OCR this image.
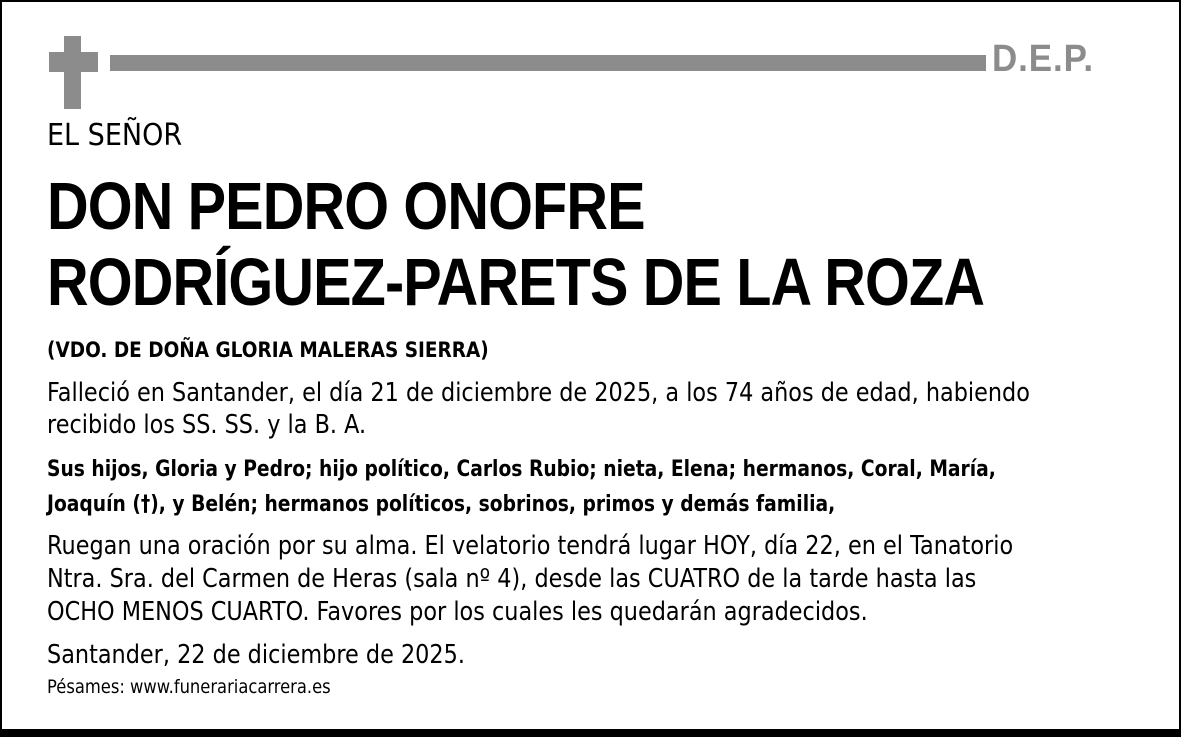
D.E.P.
EL SEÑOR
DON PEDRO ONOFRE
RODRÍGUEZ-PARETS DE LA ROZA
(VDO. DE DOÑA GLORIA MALERAS SIERRA)
Falleció en Santander, el día 21 de diciembre de 2025, a los 74 años de edad, habiendo
recibido los SS. SS. y la B. A.
Sus hijos, Gloria y Pedro; hijo político, Carlos Rubio; nieta, Elena; hermanos, Coral, María,
Joaquín (†), y Belén; hermanos políticos, sobrinos, primos y demás familia,
Ruegan una oración por su alma. El velatorio tendrá lugar HOY, día 22, en el Tanatorio
Ntra. Sra. del Carmen de Heras (sala nº 4), desde las CUATRO de la tarde hasta las
OCHO MENOS CUARTO. Favores por los cuales les quedarán agradecidos.
Santander, 22 de diciembre de 2025.
Pésames: www.funerariacarrera.es
